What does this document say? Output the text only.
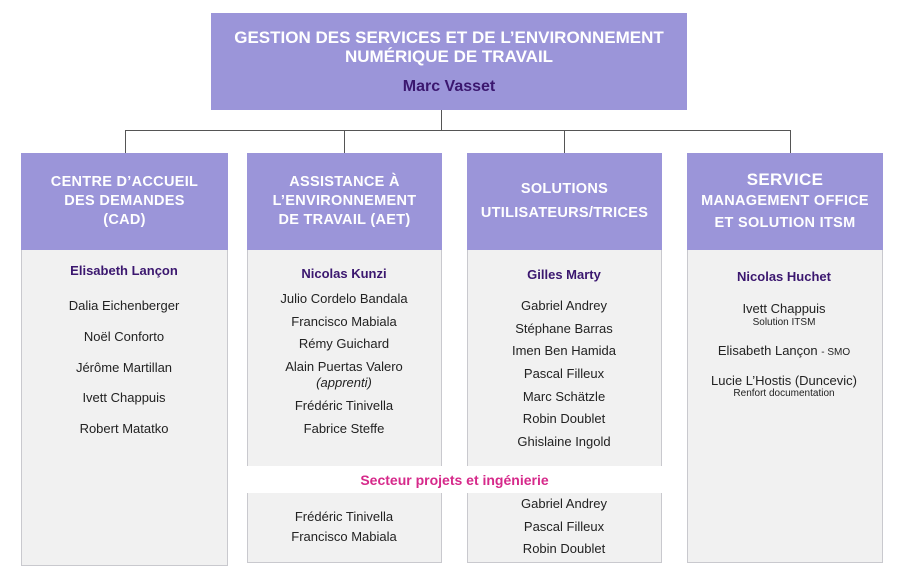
GESTION DES SERVICES ET DE L’ENVIRONNEMENT
NUMÉRIQUE DE TRAVAIL
Marc Vasset
CENTRE D’ACCUEIL
DES DEMANDES
(CAD)
ASSISTANCE À
L’ENVIRONNEMENT
DE TRAVAIL (AET)
SOLUTIONS
UTILISATEURS/TRICES
SERVICE
MANAGEMENT OFFICE
ET SOLUTION ITSM
Secteur projets et ingénierie
Elisabeth Lançon
Dalia Eichenberger
Noël Conforto
Jérôme Martillan
Ivett Chappuis
Robert Matatko
Nicolas Kunzi
Julio Cordelo Bandala
Francisco Mabiala
Rémy Guichard
Alain Puertas Valero
(apprenti)
Frédéric Tinivella
Fabrice Steffe
Frédéric Tinivella
Francisco Mabiala
Gilles Marty
Gabriel Andrey
Stéphane Barras
Imen Ben Hamida
Pascal Filleux
Marc Schätzle
Robin Doublet
Ghislaine Ingold
Gabriel Andrey
Pascal Filleux
Robin Doublet
Nicolas Huchet
Ivett Chappuis
Solution ITSM
Elisabeth Lançon - SMO
Lucie L’Hostis (Duncevic)
Renfort documentation
